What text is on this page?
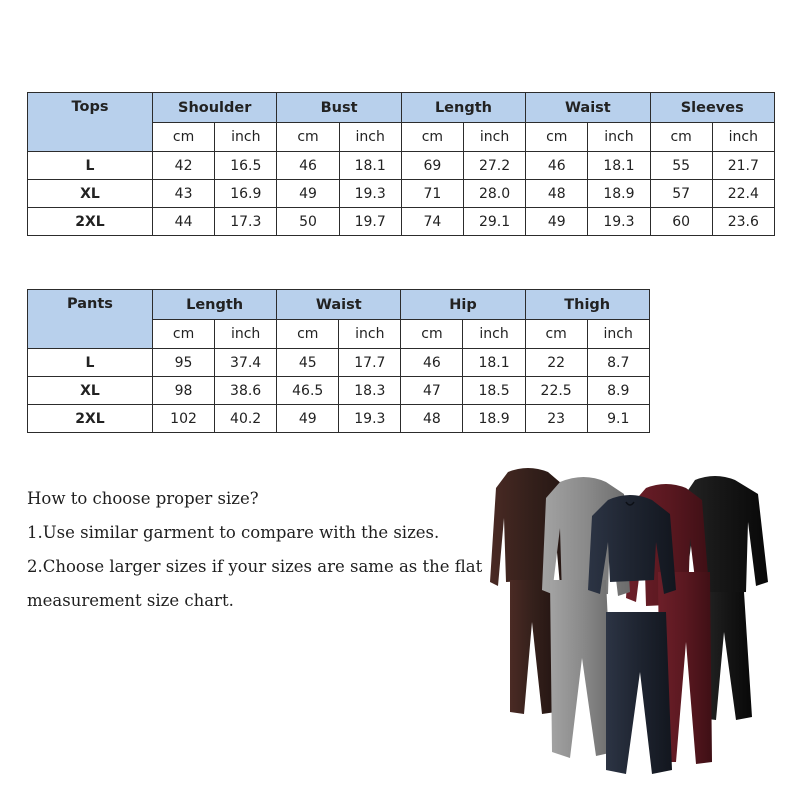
Tops	Shoulder		Bust		Length		Waist		Sleeves	
	cm	inch	cm	inch	cm	inch	cm	inch	cm	inch
L	42	16.5	46	18.1	69	27.2	46	18.1	55	21.7
XL	43	16.9	49	19.3	71	28.0	48	18.9	57	22.4
2XL	44	17.3	50	19.7	74	29.1	49	19.3	60	23.6
Pants	Length		Waist		Hip		Thigh	
	cm	inch	cm	inch	cm	inch	cm	inch
L	95	37.4	45	17.7	46	18.1	22	8.7
XL	98	38.6	46.5	18.3	47	18.5	22.5	8.9
2XL	102	40.2	49	19.3	48	18.9	23	9.1

How to choose proper size?

1.Use similar garment to compare with the sizes.

2.Choose larger sizes if your sizes are same as the flat

measurement size chart.
